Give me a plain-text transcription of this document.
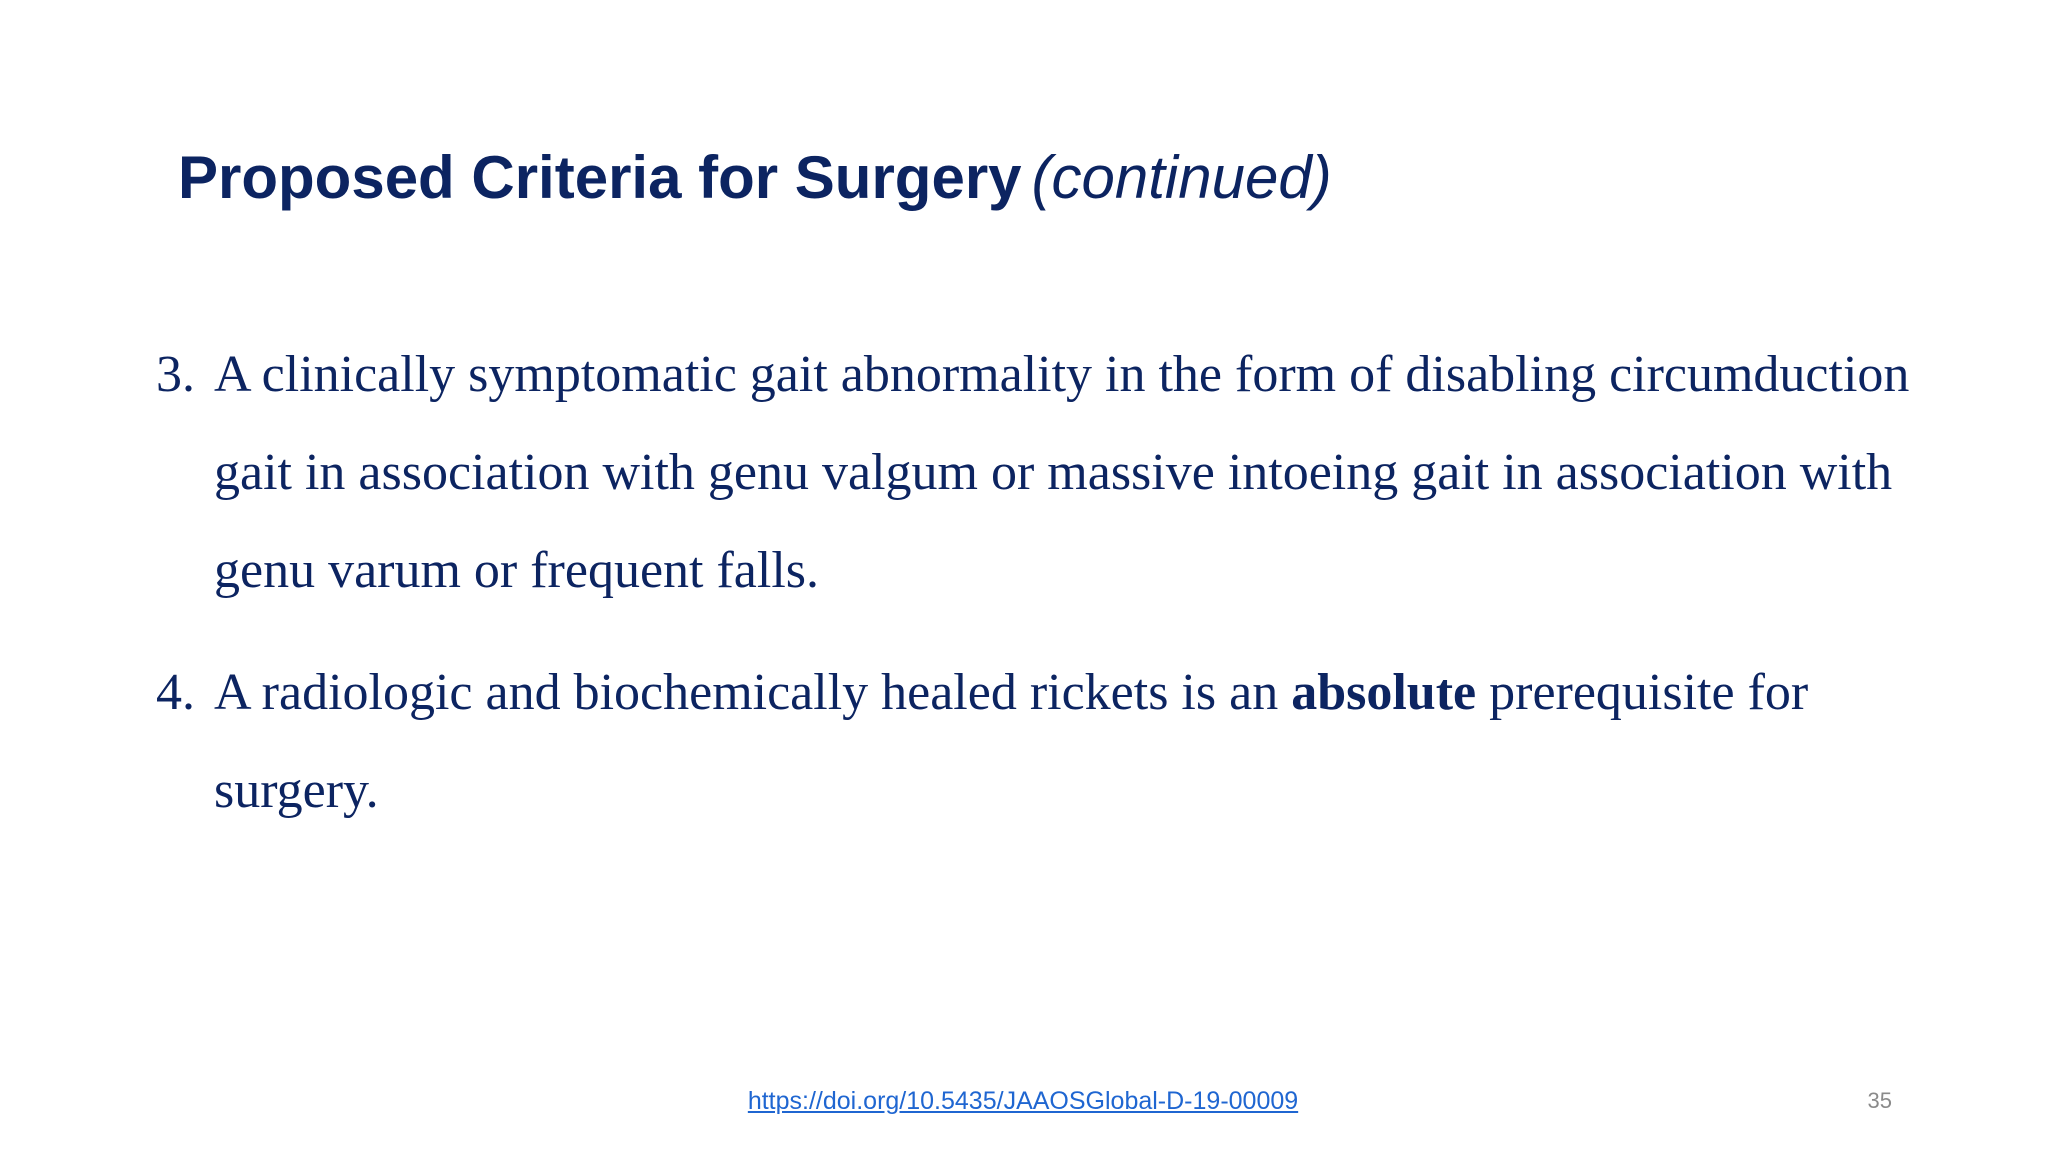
Proposed Criteria for Surgery (continued)
3. A clinically symptomatic gait abnormality in the form of disabling circumduction gait in association with genu valgum or massive intoeing gait in association with genu varum or frequent falls.
4. A radiologic and biochemically healed rickets is an absolute prerequisite for surgery.
https://doi.org/10.5435/JAAOSGlobal-D-19-00009	35
